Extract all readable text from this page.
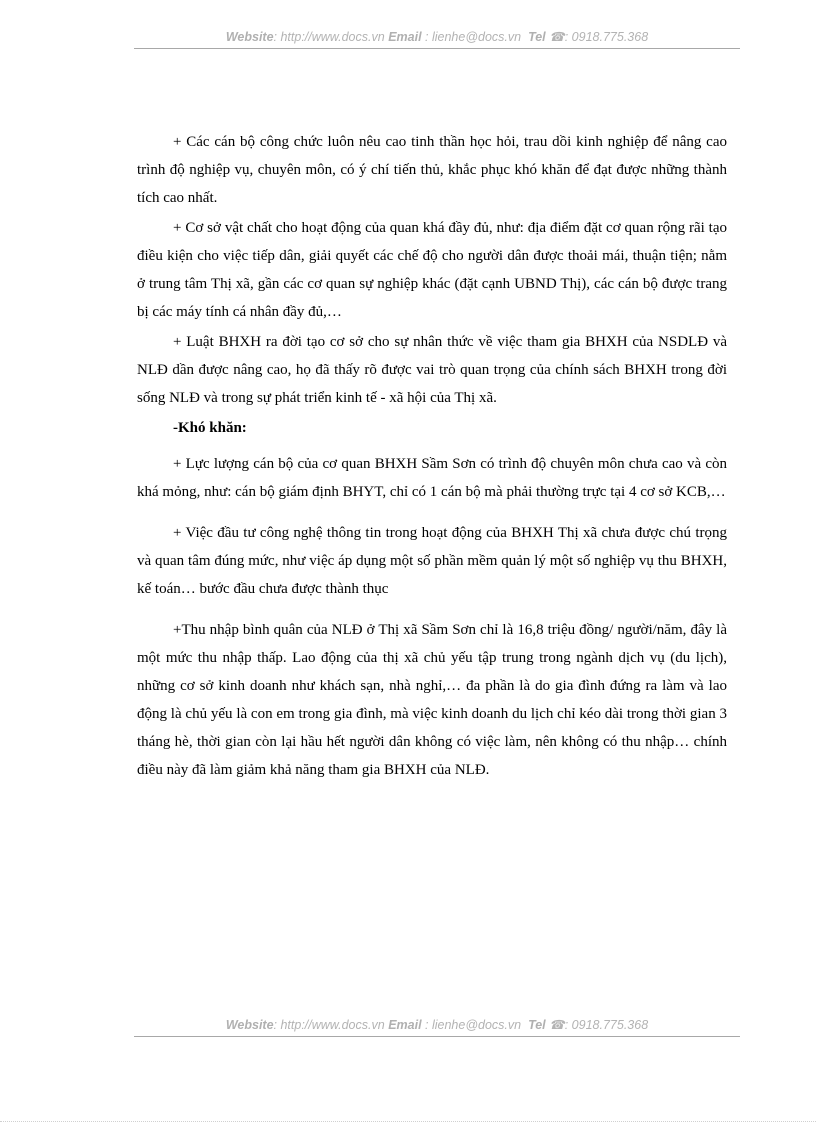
Website: http://www.docs.vn Email : lienhe@docs.vn Tel ☎: 0918.775.368

+ Các cán bộ công chức luôn nêu cao tinh thần học hỏi, trau dồi kinh nghiệp để nâng cao trình độ nghiệp vụ, chuyên môn, có ý chí tiến thủ, khắc phục khó khăn để đạt được những thành tích cao nhất.

+ Cơ sở vật chất cho hoạt động của quan khá đầy đủ, như: địa điểm đặt cơ quan rộng rãi tạo điều kiện cho việc tiếp dân, giải quyết các chế độ cho người dân được thoải mái, thuận tiện; nằm ở trung tâm Thị xã, gần các cơ quan sự nghiệp khác (đặt cạnh UBND Thị), các cán bộ được trang bị các máy tính cá nhân đầy đủ,…

+ Luật BHXH ra đời tạo cơ sở cho sự nhân thức về việc tham gia BHXH của NSDLĐ và NLĐ dần được nâng cao, họ đã thấy rõ được vai trò quan trọng của chính sách BHXH trong đời sống NLĐ và trong sự phát triển kinh tế - xã hội của Thị xã.

-Khó khăn:

+ Lực lượng cán bộ của cơ quan BHXH Sầm Sơn có trình độ chuyên môn chưa cao và còn khá mỏng, như: cán bộ giám định BHYT, chỉ có 1 cán bộ mà phải thường trực tại 4 cơ sở KCB,…

+ Việc đầu tư công nghệ thông tin trong hoạt động của BHXH Thị xã chưa được chú trọng và quan tâm đúng mức, như việc áp dụng một số phần mềm quản lý một số nghiệp vụ thu BHXH, kế toán… bước đầu chưa được thành thục

+Thu nhập bình quân của NLĐ ở Thị xã Sầm Sơn chỉ là 16,8 triệu đồng/ người/năm, đây là một mức thu nhập thấp. Lao động của thị xã chủ yếu tập trung trong ngành dịch vụ (du lịch), những cơ sở kinh doanh như khách sạn, nhà nghỉ,… đa phần là do gia đình đứng ra làm và lao động là chủ yếu là con em trong gia đình, mà việc kinh doanh du lịch chỉ kéo dài trong thời gian 3 tháng hè, thời gian còn lại hầu hết người dân không có việc làm, nên không có thu nhập… chính điều này đã làm giảm khả năng tham gia BHXH của NLĐ.

Website: http://www.docs.vn Email : lienhe@docs.vn Tel ☎: 0918.775.368
